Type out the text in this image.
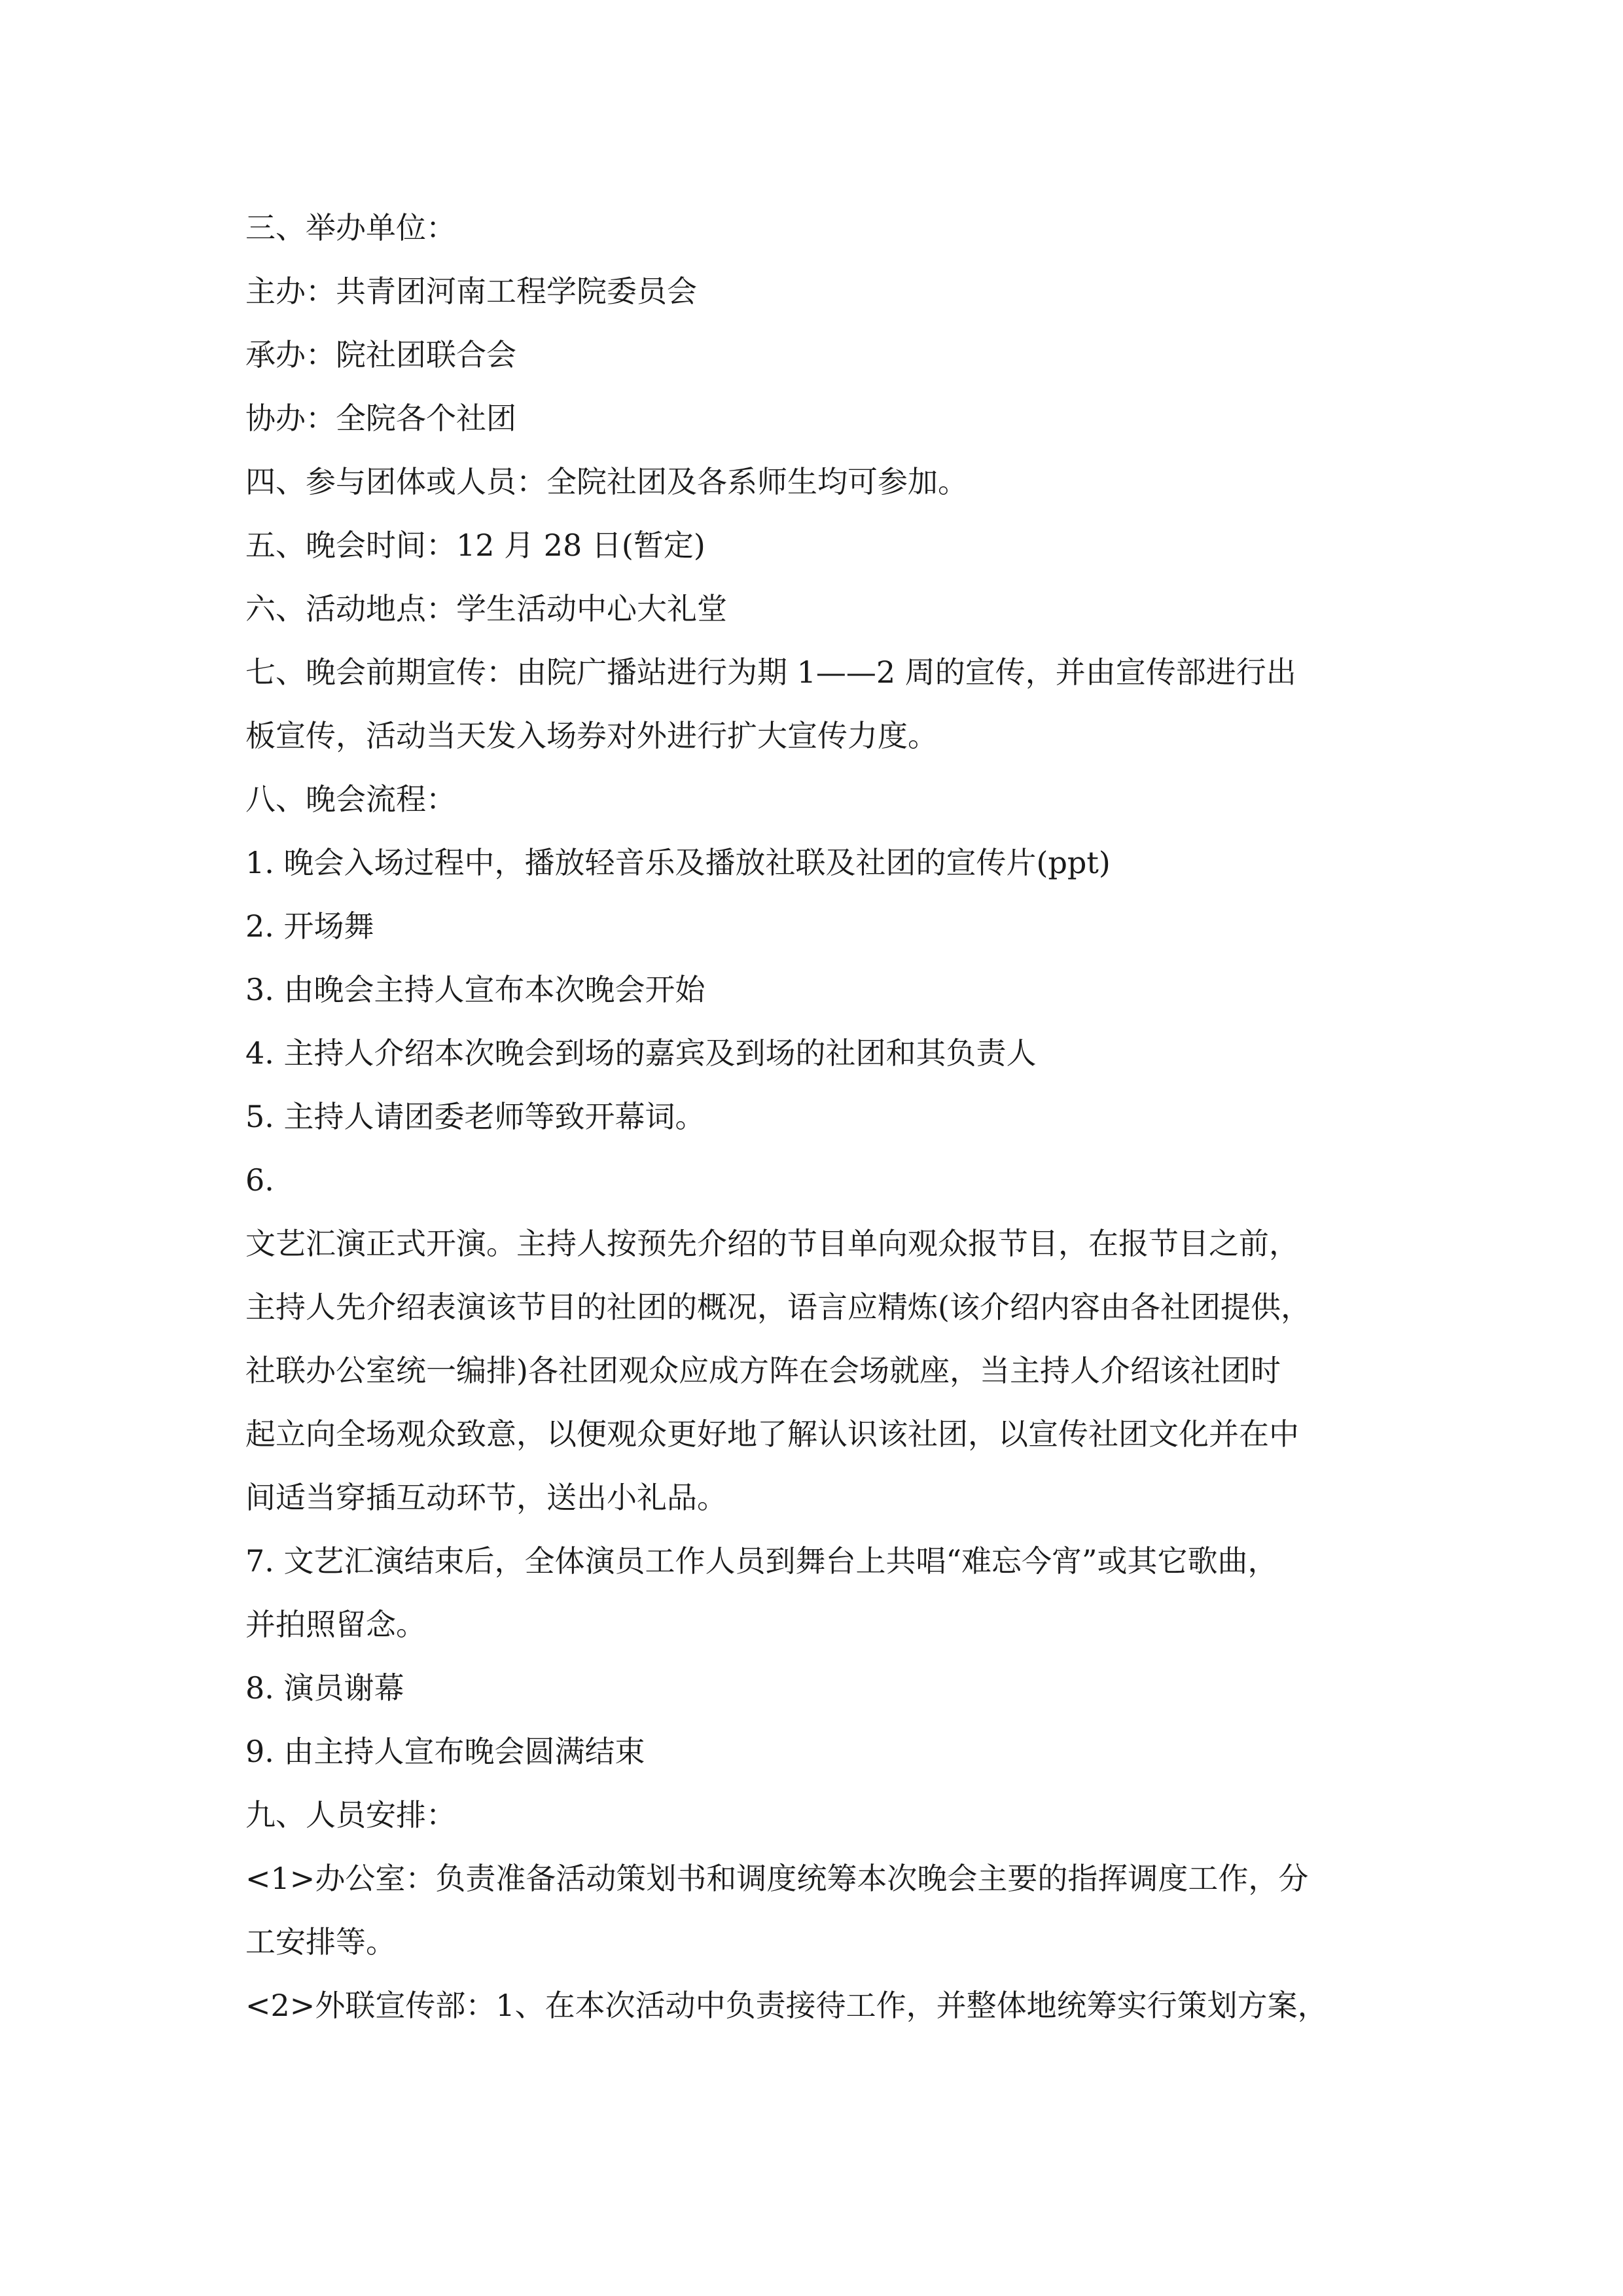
三、举办单位：
主办：共青团河南工程学院委员会
承办：院社团联合会
协办：全院各个社团
四、参与团体或人员：全院社团及各系师生均可参加。
五、晚会时间：12 月 28 日(暂定)
六、活动地点：学生活动中心大礼堂
七、晚会前期宣传：由院广播站进行为期 1——2 周的宣传，并由宣传部进行出
板宣传，活动当天发入场券对外进行扩大宣传力度。
八、晚会流程：
1. 晚会入场过程中，播放轻音乐及播放社联及社团的宣传片(ppt)
2. 开场舞
3. 由晚会主持人宣布本次晚会开始
4. 主持人介绍本次晚会到场的嘉宾及到场的社团和其负责人
5. 主持人请团委老师等致开幕词。
6.
文艺汇演正式开演。主持人按预先介绍的节目单向观众报节目，在报节目之前，
主持人先介绍表演该节目的社团的概况，语言应精炼(该介绍内容由各社团提供，
社联办公室统一编排)各社团观众应成方阵在会场就座，当主持人介绍该社团时
起立向全场观众致意，以便观众更好地了解认识该社团，以宣传社团文化并在中
间适当穿插互动环节，送出小礼品。
7. 文艺汇演结束后，全体演员工作人员到舞台上共唱“难忘今宵”或其它歌曲，
并拍照留念。
8. 演员谢幕
9. 由主持人宣布晚会圆满结束
九、人员安排：
<1>办公室：负责准备活动策划书和调度统筹本次晚会主要的指挥调度工作，分
工安排等。
<2>外联宣传部：1、在本次活动中负责接待工作，并整体地统筹实行策划方案，
